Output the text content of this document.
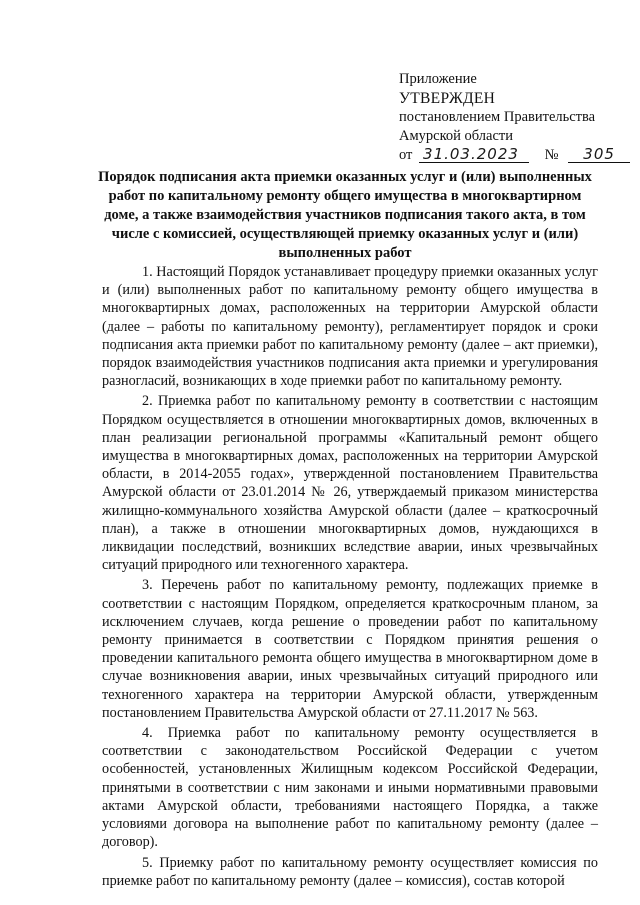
Приложение
УТВЕРЖДЕН
постановлением Правительства
Амурской области
от 31.03.2023 № 305
Порядок подписания акта приемки оказанных услуг и (или) выполненных
работ по капитальному ремонту общего имущества в многоквартирном
доме, а также взаимодействия участников подписания такого акта, в том
числе с комиссией, осуществляющей приемку оказанных услуг и (или)
выполненных работ

1. Настоящий Порядок устанавливает процедуру приемки оказанных услуг и (или) выполненных работ по капитальному ремонту общего имущества в многоквартирных домах, расположенных на территории Амурской области (далее – работы по капитальному ремонту), регламентирует порядок и сроки подписания акта приемки работ по капитальному ремонту (далее – акт приемки), порядок взаимодействия участников подписания акта приемки и урегулирования разногласий, возникающих в ходе приемки работ по капитальному ремонту.

2. Приемка работ по капитальному ремонту в соответствии с настоящим Порядком осуществляется в отношении многоквартирных домов, включенных в план реализации региональной программы «Капитальный ремонт общего имущества в многоквартирных домах, расположенных на территории Амурской области, в 2014-2055 годах», утвержденной постановлением Правительства Амурской области от 23.01.2014 № 26, утверждаемый приказом министерства жилищно-коммунального хозяйства Амурской области (далее – краткосрочный план), а также в отношении многоквартирных домов, нуждающихся в ликвидации последствий, возникших вследствие аварии, иных чрезвычайных ситуаций природного или техногенного характера.

3. Перечень работ по капитальному ремонту, подлежащих приемке в соответствии с настоящим Порядком, определяется краткосрочным планом, за исключением случаев, когда решение о проведении работ по капитальному ремонту принимается в соответствии с Порядком принятия решения о проведении капитального ремонта общего имущества в многоквартирном доме в случае возникновения аварии, иных чрезвычайных ситуаций природного или техногенного характера на территории Амурской области, утвержденным постановлением Правительства Амурской области от 27.11.2017 № 563.

4. Приемка работ по капитальному ремонту осуществляется в соответствии с законодательством Российской Федерации с учетом особенностей, установленных Жилищным кодексом Российской Федерации, принятыми в соответствии с ним законами и иными нормативными правовыми актами Амурской области, требованиями настоящего Порядка, а также условиями договора на выполнение работ по капитальному ремонту (далее – договор).

5. Приемку работ по капитальному ремонту осуществляет комиссия по приемке работ по капитальному ремонту (далее – комиссия), состав которой
